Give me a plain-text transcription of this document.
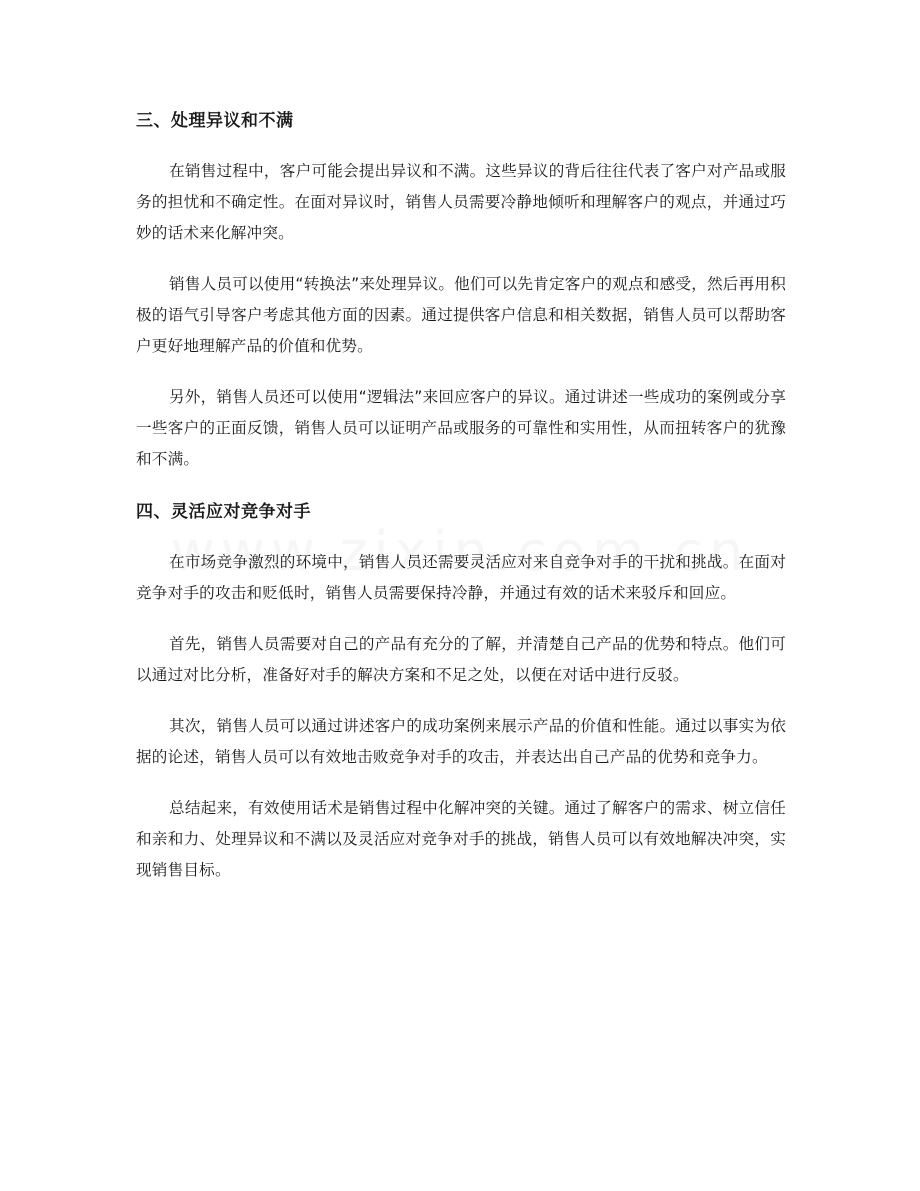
三、处理异议和不满

在销售过程中，客户可能会提出异议和不满。这些异议的背后往往代表了客户对产品或服务的担忧和不确定性。在面对异议时，销售人员需要冷静地倾听和理解客户的观点，并通过巧妙的话术来化解冲突。

销售人员可以使用“转换法”来处理异议。他们可以先肯定客户的观点和感受，然后再用积极的语气引导客户考虑其他方面的因素。通过提供客户信息和相关数据，销售人员可以帮助客户更好地理解产品的价值和优势。

另外，销售人员还可以使用“逻辑法”来回应客户的异议。通过讲述一些成功的案例或分享一些客户的正面反馈，销售人员可以证明产品或服务的可靠性和实用性，从而扭转客户的犹豫和不满。

四、灵活应对竞争对手

在市场竞争激烈的环境中，销售人员还需要灵活应对来自竞争对手的干扰和挑战。在面对竞争对手的攻击和贬低时，销售人员需要保持冷静，并通过有效的话术来驳斥和回应。

首先，销售人员需要对自己的产品有充分的了解，并清楚自己产品的优势和特点。他们可以通过对比分析，准备好对手的解决方案和不足之处，以便在对话中进行反驳。

其次，销售人员可以通过讲述客户的成功案例来展示产品的价值和性能。通过以事实为依据的论述，销售人员可以有效地击败竞争对手的攻击，并表达出自己产品的优势和竞争力。

总结起来，有效使用话术是销售过程中化解冲突的关键。通过了解客户的需求、树立信任和亲和力、处理异议和不满以及灵活应对竞争对手的挑战，销售人员可以有效地解决冲突，实现销售目标。
